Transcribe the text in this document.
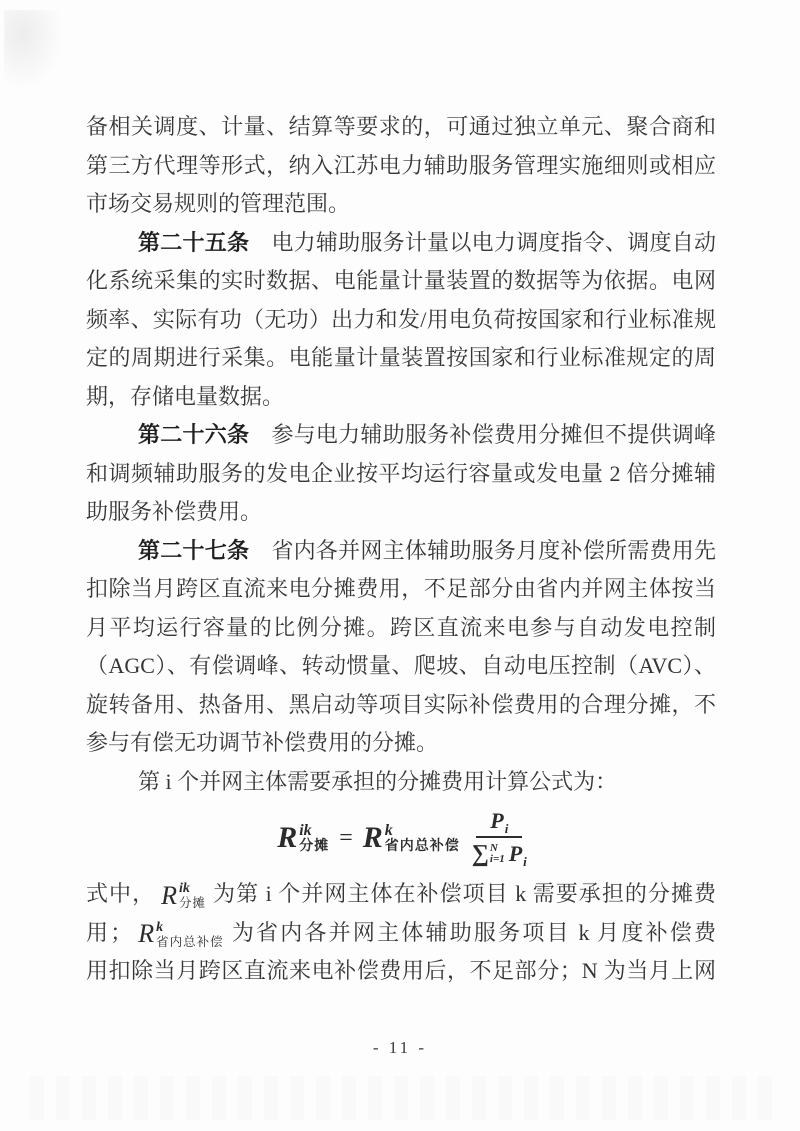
备相关调度、计量、结算等要求的，可通过独立单元、聚合商和
第三方代理等形式，纳入江苏电力辅助服务管理实施细则或相应
市场交易规则的管理范围。
第二十五条　电力辅助服务计量以电力调度指令、调度自动
化系统采集的实时数据、电能量计量装置的数据等为依据。电网
频率、实际有功（无功）出力和发/用电负荷按国家和行业标准规
定的周期进行采集。电能量计量装置按国家和行业标准规定的周
期，存储电量数据。
第二十六条　参与电力辅助服务补偿费用分摊但不提供调峰
和调频辅助服务的发电企业按平均运行容量或发电量 2 倍分摊辅
助服务补偿费用。
第二十七条　省内各并网主体辅助服务月度补偿所需费用先
扣除当月跨区直流来电分摊费用，不足部分由省内并网主体按当
月平均运行容量的比例分摊。跨区直流来电参与自动发电控制
（AGC）、有偿调峰、转动惯量、爬坡、自动电压控制（AVC）、
旋转备用、热备用、黑启动等项目实际补偿费用的合理分摊，不
参与有偿无功调节补偿费用的分摊。
第 i 个并网主体需要承担的分摊费用计算公式为：
R ik
分摊 = R k
省内总补偿
P i
∑ N
i=1 P i
式中， R ik
分摊 为第 i 个并网主体在补偿项目 k 需要承担的分摊费
用； R k
省内总补偿 为省内各并网主体辅助服务项目 k 月度补偿费
用扣除当月跨区直流来电补偿费用后，不足部分；N 为当月上网
- 11 -
